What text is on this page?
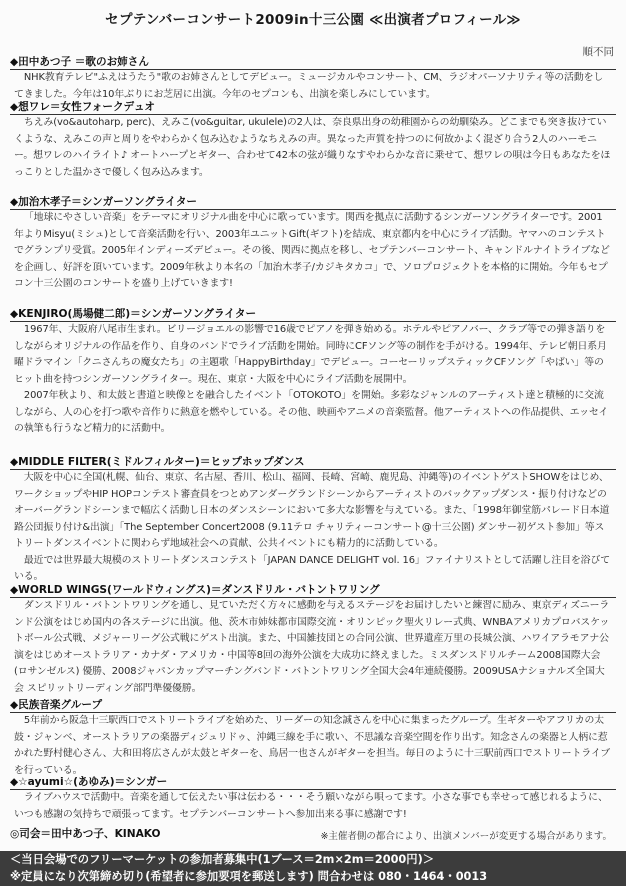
セプテンバーコンサート2009in十三公園 ≪出演者プロフィール≫
順不同
◆田中あつ子 ＝歌のお姉さん

NHK教育テレビ"ふえはうたう"歌のお姉さんとしてデビュー。ミュージカルやコンサート、CM、ラジオパーソナリティ等の活動をしてきました。今年は10年ぶりにお芝居に出演。今年のセプコンも、出演を楽しみにしています。

◆想ワレ＝女性フォークデュオ

ちえみ(vo&autoharp, perc)、えみこ(vo&guitar, ukulele)の2人は、奈良県出身の幼稚園からの幼馴染み。どこまでも突き抜けていくような、えみこの声と周りをやわらかく包み込むようなちえみの声。異なった声質を持つのに何故かよく混ざり合う2人のハーモニー。想ワレのハイライト♪ オートハープとギター、合わせて42本の弦が織りなすやわらかな音に乗せて、想ワレの唄は今日もあなたをほっこりとした温かさで優しく包み込みます。

◆加治木孝子＝シンガーソングライター

「地球にやさしい音楽」をテーマにオリジナル曲を中心に歌っています。関西を拠点に活動するシンガーソングライターです。2001年よりMisyu(ミシュ)として音楽活動を行い、2003年ユニットGift(ギフト)を結成、東京都内を中心にライブ活動。ヤマハのコンテストでグランプリ受賞。2005年インディーズデビュー。その後、関西に拠点を移し、セプテンバーコンサート、キャンドルナイトライブなどを企画し、好評を頂いています。2009年秋より本名の「加治木孝子/カジキタカコ」で、ソロプロジェクトを本格的に開始。今年もセプコン十三公園のコンサートを盛り上げていきます!

◆KENJIRO(馬場健二郎)＝シンガーソングライター

1967年、大阪府八尾市生まれ。ビリージョエルの影響で16歳でピアノを弾き始める。ホテルやピアノバー、クラブ等での弾き語りをしながらオリジナルの作品を作り、自身のバンドでライブ活動を開始。同時にCFソング等の制作を手がける。1994年、テレビ朝日系月曜ドラマイン「クニさんちの魔女たち」の主題歌「HappyBirthday」でデビュー。コーセーリップスティックCFソング「やばい」等のヒット曲を持つシンガーソングライター。現在、東京・大阪を中心にライブ活動を展開中。

2007年秋より、和太鼓と書道と映像とを融合したイベント「OTOKOTO」を開始。多彩なジャンルのアーティスト達と積極的に交流しながら、人の心を打つ歌や音作りに熱意を燃やしている。その他、映画やアニメの音楽監督。他アーティストへの作品提供、エッセイの執筆も行うなど精力的に活動中。

◆MIDDLE FILTER(ミドルフィルター)＝ヒップホップダンス

大阪を中心に全国(札幌、仙台、東京、名古屋、香川、松山、福岡、長崎、宮崎、鹿児島、沖縄等)のイベントゲストSHOWをはじめ、ワークショップやHIP HOPコンテスト審査員をつとめアンダーグランドシーンからアーティストのバックアップダンス・振り付けなどのオーバーグランドシーンまで幅広く活動し日本のダンスシーンにおいて多大な影響を与えている。また、「1998年御堂筋パレード日本道路公団振り付け&出演」「The September Concert2008 (9.11テロ チャリティーコンサート@十三公園) ダンサー初ゲスト参加」等ストリートダンスイベントに関わらず地域社会への貢献、公共イベントにも精力的に活動している。

最近では世界最大規模のストリートダンスコンテスト「JAPAN DANCE DELIGHT vol. 16」ファイナリストとして活躍し注目を浴びている。

◆WORLD WINGS(ワールドウィングス)＝ダンスドリル・バトントワリング

ダンスドリル・バトントワリングを通し、見ていただく方々に感動を与えるステージをお届けしたいと練習に励み、東京ディズニーランド公演をはじめ国内の各ステージに出演。他、茨木市姉妹都市国際交流・オリンピック聖火リレー式典、WNBAアメリカプロバスケットボール公式戦、メジャーリーグ公式戦にゲスト出演。また、中国雑技団との合同公演、世界遺産万里の長城公演、ハワイアラモアナ公演をはじめオーストラリア・カナダ・アメリカ・中国等8回の海外公演を大成功に終えました。ミスダンスドリルチーム2008国際大会 (ロサンゼルス) 優勝、2008ジャパンカップマーチングバンド・バトントワリング全国大会4年連続優勝。2009USAナショナルズ全国大会 スピリットリーディング部門準優優勝。

◆民族音楽グループ

5年前から阪急十三駅西口でストリートライブを始めた、リーダーの知念誠さんを中心に集まったグループ。生ギターやアフリカの太鼓・ジャンベ、オーストラリアの楽器ディジュリドゥ、沖縄三線を手に歌い、不思議な音楽空間を作り出す。知念さんの楽器と人柄に惹かれた野村健心さん、大和田将広さんが太鼓とギターを、鳥居一也さんがギターを担当。毎日のように十三駅前西口でストリートライブを行っている。

◆☆ayumi☆(あゆみ)＝シンガー

ライブハウスで活動中。音楽を通して伝えたい事は伝わる・・・そう願いながら唄ってます。小さな事でも幸せって感じれるように、いつも感謝の気持ちで頑張ってます。セプテンバーコンサートへ参加出来る事に感謝です!

◎司会＝田中あつ子、KINAKO	※主催者側の都合により、出演メンバーが変更する場合があります。
＜当日会場でのフリーマーケットの参加者募集中(1ブース＝2m×2m＝2000円)＞
※定員になり次第締め切り(希望者に参加要項を郵送します) 問合わせは 080・1464・0013
